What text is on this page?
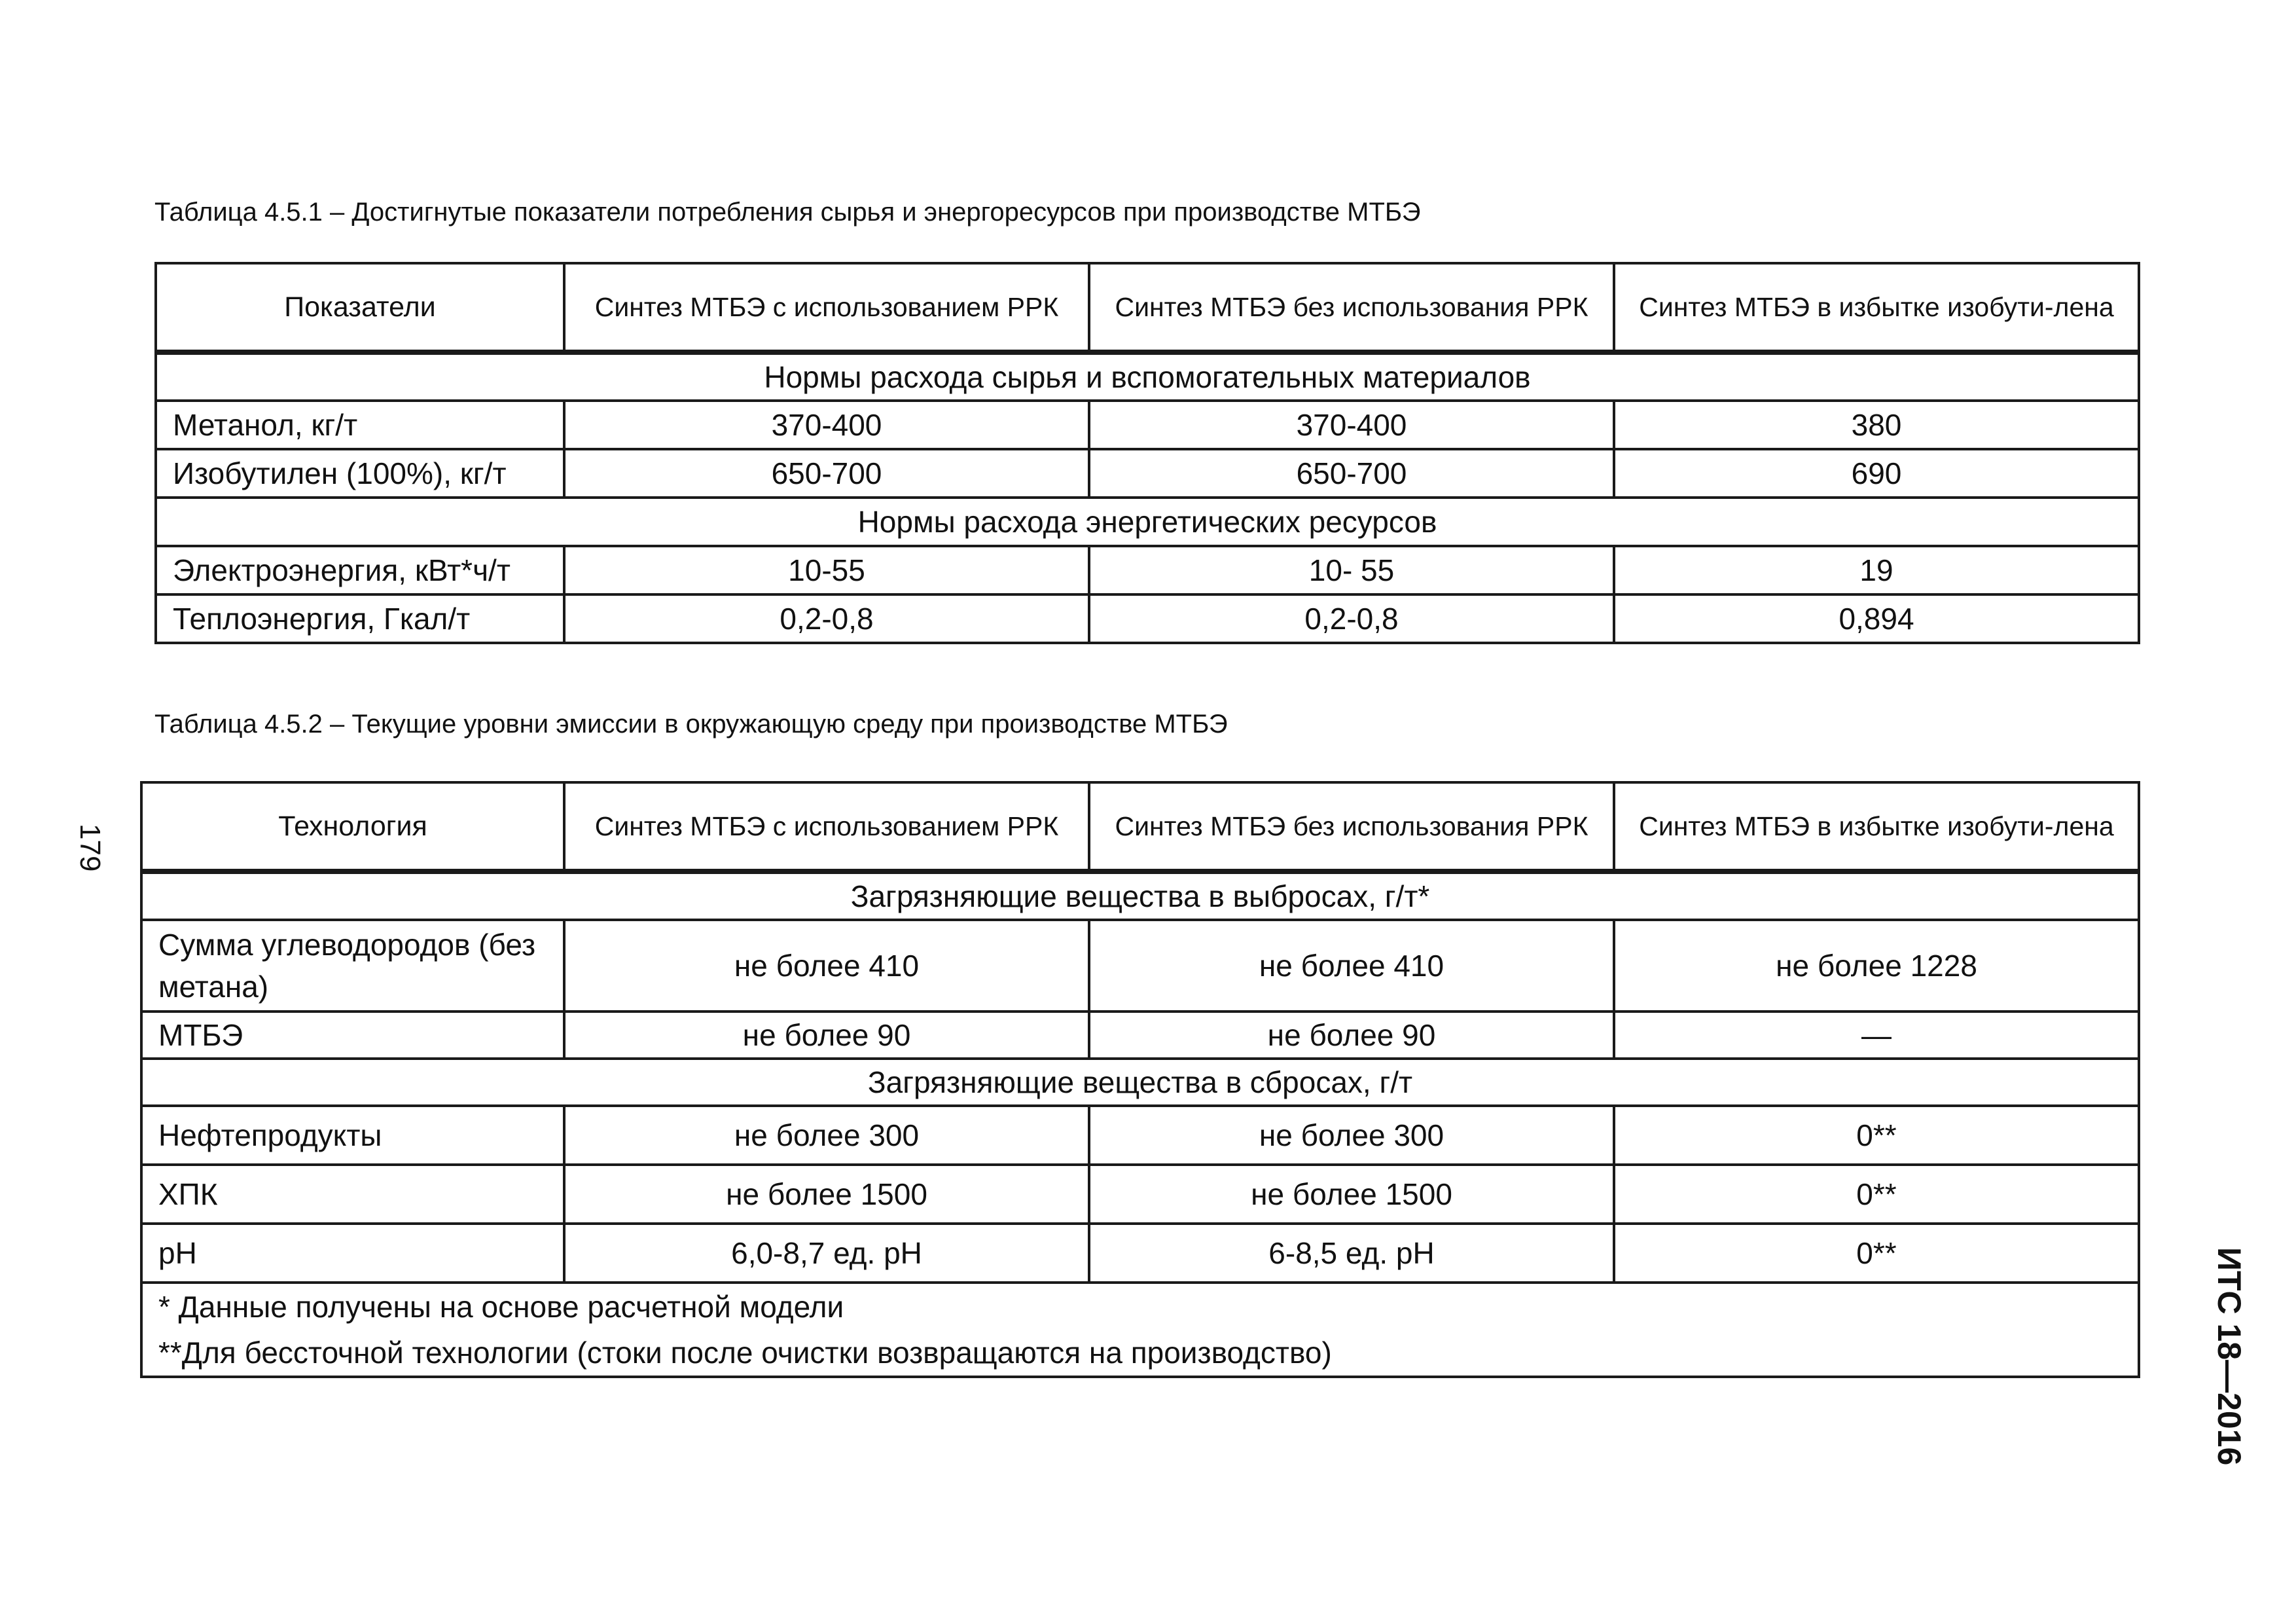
Таблица 4.5.1 – Достигнутые показатели потребления сырья и энергоресурсов при производстве МТБЭ
Показатели	Синтез МТБЭ с использованием РРК	Синтез МТБЭ без использования РРК	Синтез МТБЭ в избытке изобути-лена
Нормы расхода сырья и вспомогательных материалов			
Метанол, кг/т	370-400	370-400	380
Изобутилен (100%), кг/т	650-700	650-700	690
Нормы расхода энергетических ресурсов			
Электроэнергия, кВт*ч/т	10-55	10- 55	19
Теплоэнергия, Гкал/т	0,2-0,8	0,2-0,8	0,894
Таблица 4.5.2 – Текущие уровни эмиссии в окружающую среду при производстве МТБЭ
Технология	Синтез МТБЭ с использованием РРК	Синтез МТБЭ без использования РРК	Синтез МТБЭ в избытке изобути-лена
Загрязняющие вещества в выбросах, г/т*			
Сумма углеводородов (без метана)	не более 410	не более 410	не более 1228
МТБЭ	не более 90	не более 90	—
Загрязняющие вещества в сбросах, г/т			
Нефтепродукты	не более 300	не более 300	0**
ХПК	не более 1500	не более 1500	0**
рН	6,0-8,7 ед. рН	6-8,5 ед. рН	0**

* Данные получены на основе расчетной модели
**Для бессточной технологии (стоки после очистки возвращаются на производство)			
179
ИТС 18—2016
